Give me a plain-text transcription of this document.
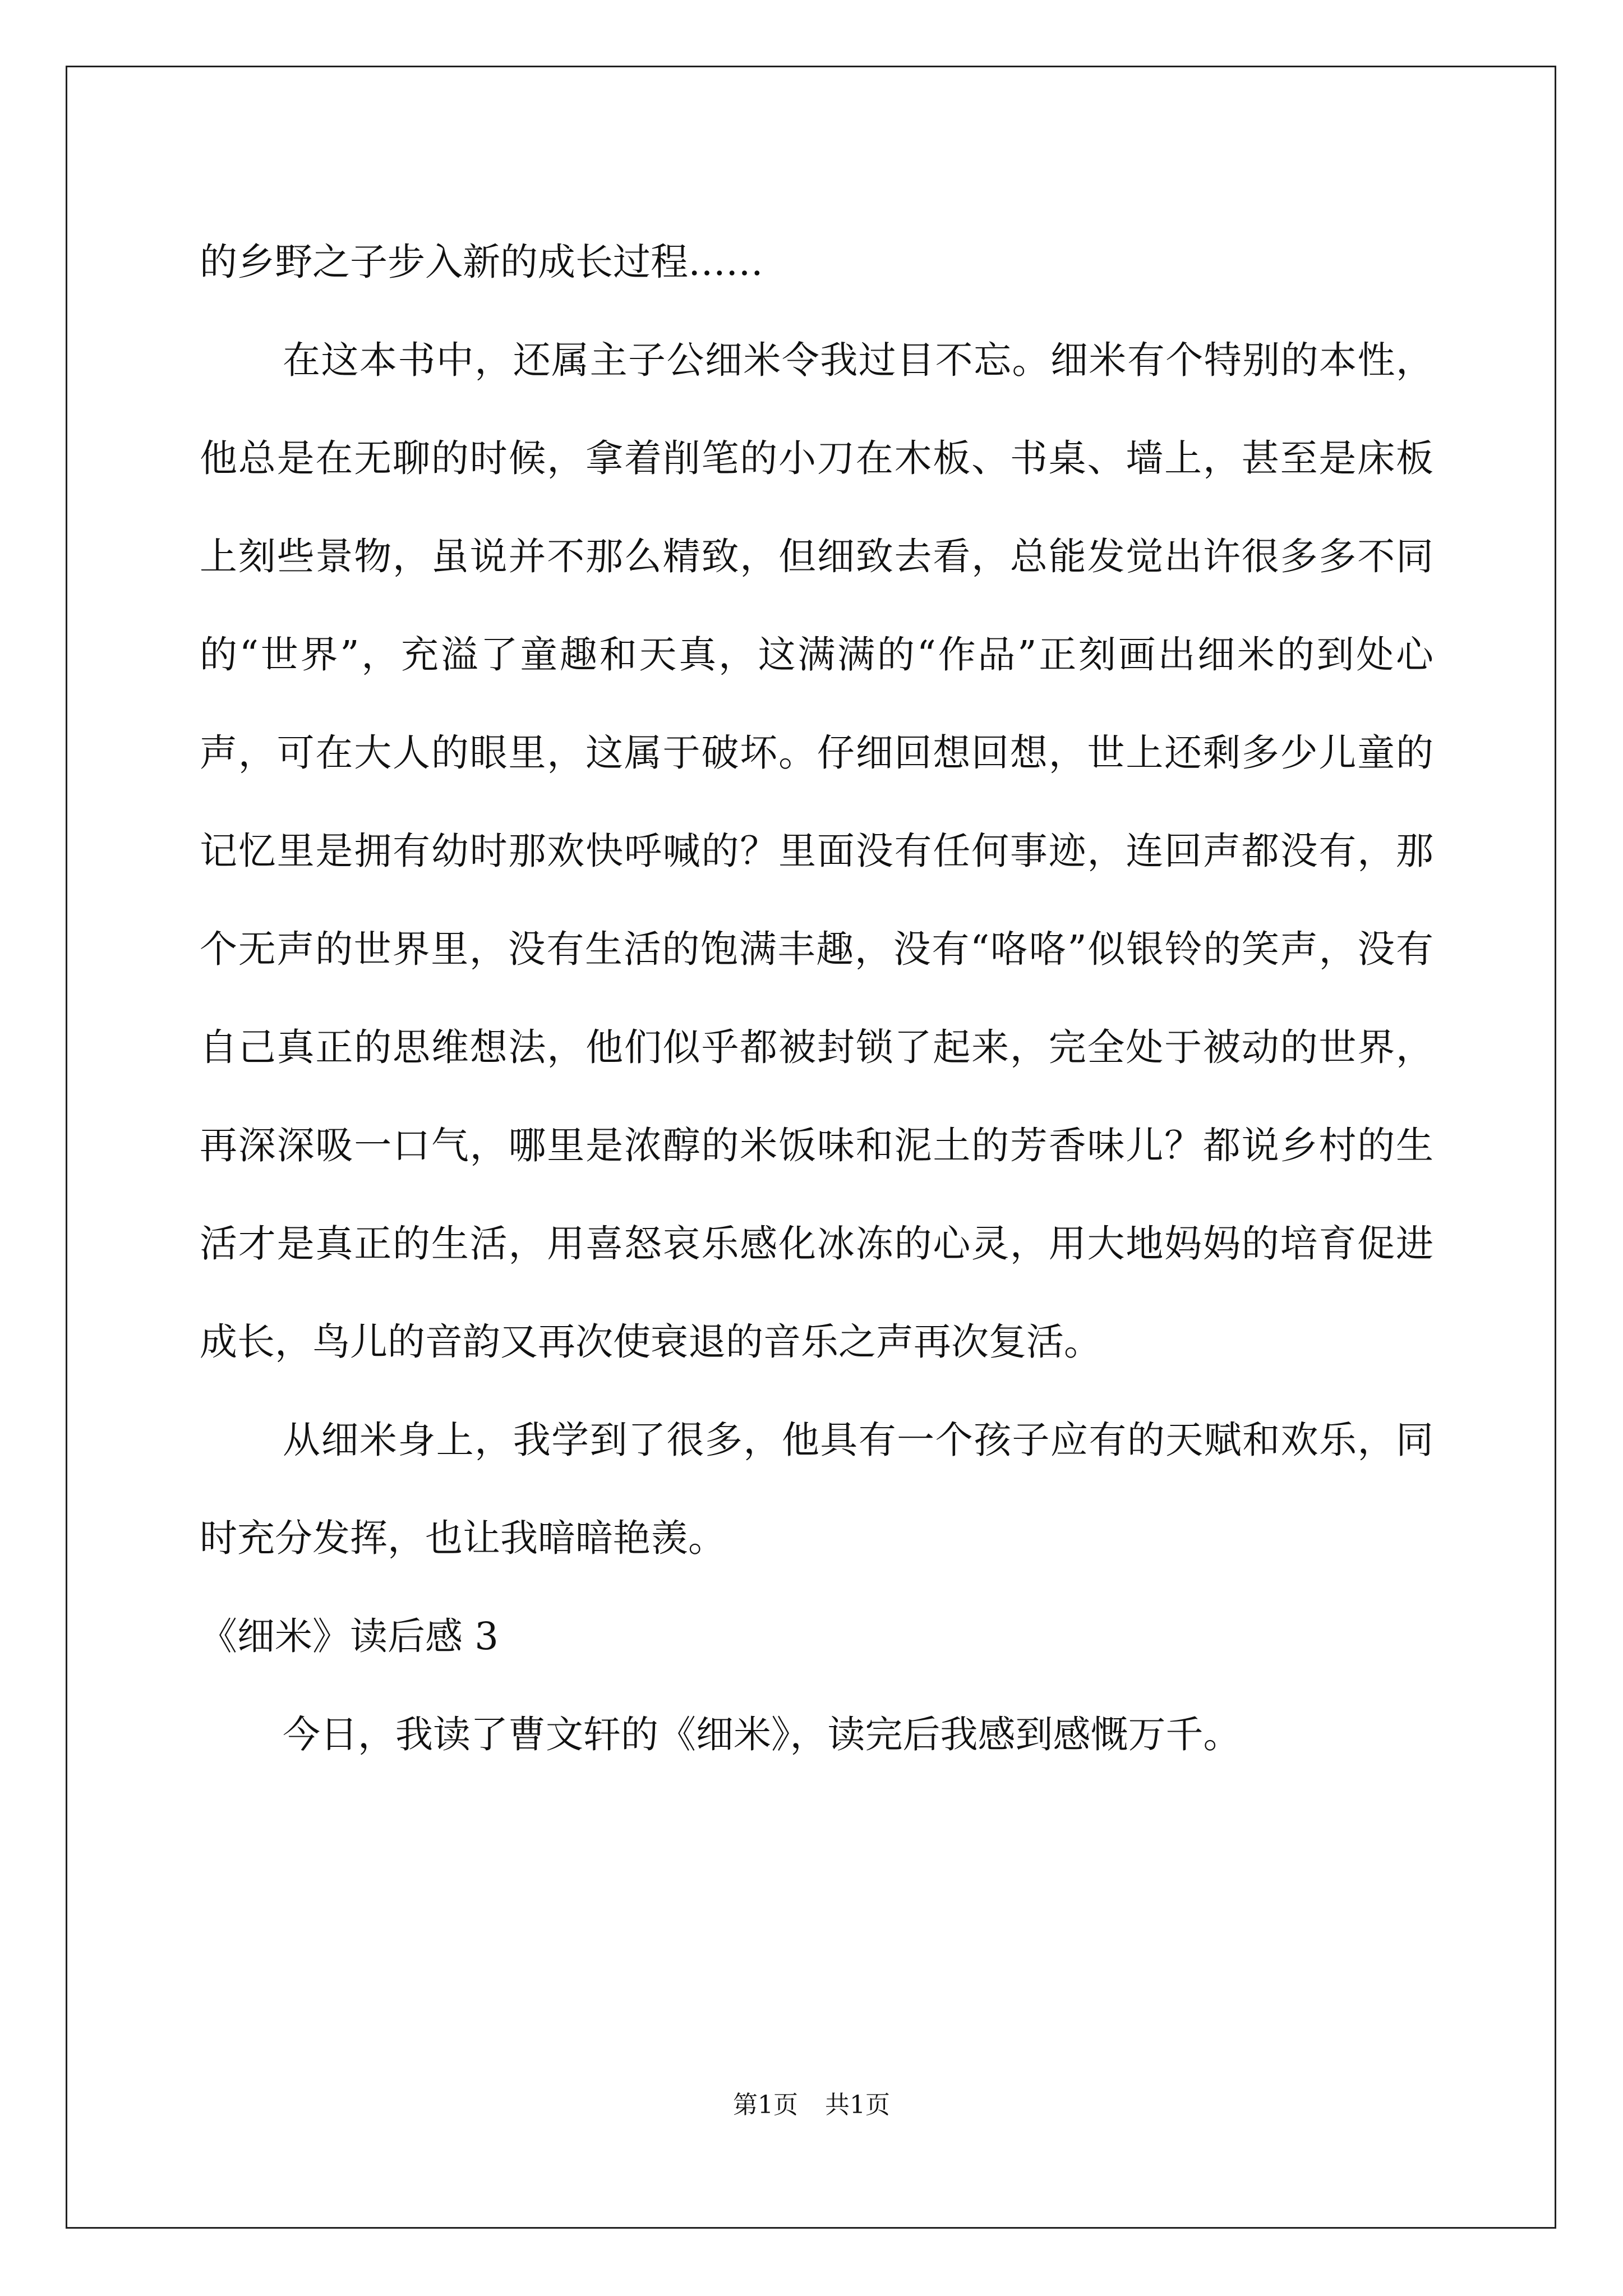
的乡野之子步入新的成长过程……

在这本书中，还属主子公细米令我过目不忘。细米有个特别的本性，他总是在无聊的时候，拿着削笔的小刀在木板、书桌、墙上，甚至是床板上刻些景物，虽说并不那么精致，但细致去看，总能发觉出许很多多不同的“世界”，充溢了童趣和天真，这满满的“作品”正刻画出细米的到处心声，可在大人的眼里，这属于破坏。仔细回想回想，世上还剩多少儿童的记忆里是拥有幼时那欢快呼喊的？里面没有任何事迹，连回声都没有，那个无声的世界里，没有生活的饱满丰趣，没有“咯咯”似银铃的笑声，没有自己真正的思维想法，他们似乎都被封锁了起来，完全处于被动的世界，再深深吸一口气，哪里是浓醇的米饭味和泥土的芳香味儿？都说乡村的生活才是真正的生活，用喜怒哀乐感化冰冻的心灵，用大地妈妈的培育促进成长，鸟儿的音韵又再次使衰退的音乐之声再次复活。

从细米身上，我学到了很多，他具有一个孩子应有的天赋和欢乐，同时充分发挥，也让我暗暗艳羡。

《细米》读后感 3

今日，我读了曹文轩的《细米》，读完后我感到感慨万千。

第1页 共1页
